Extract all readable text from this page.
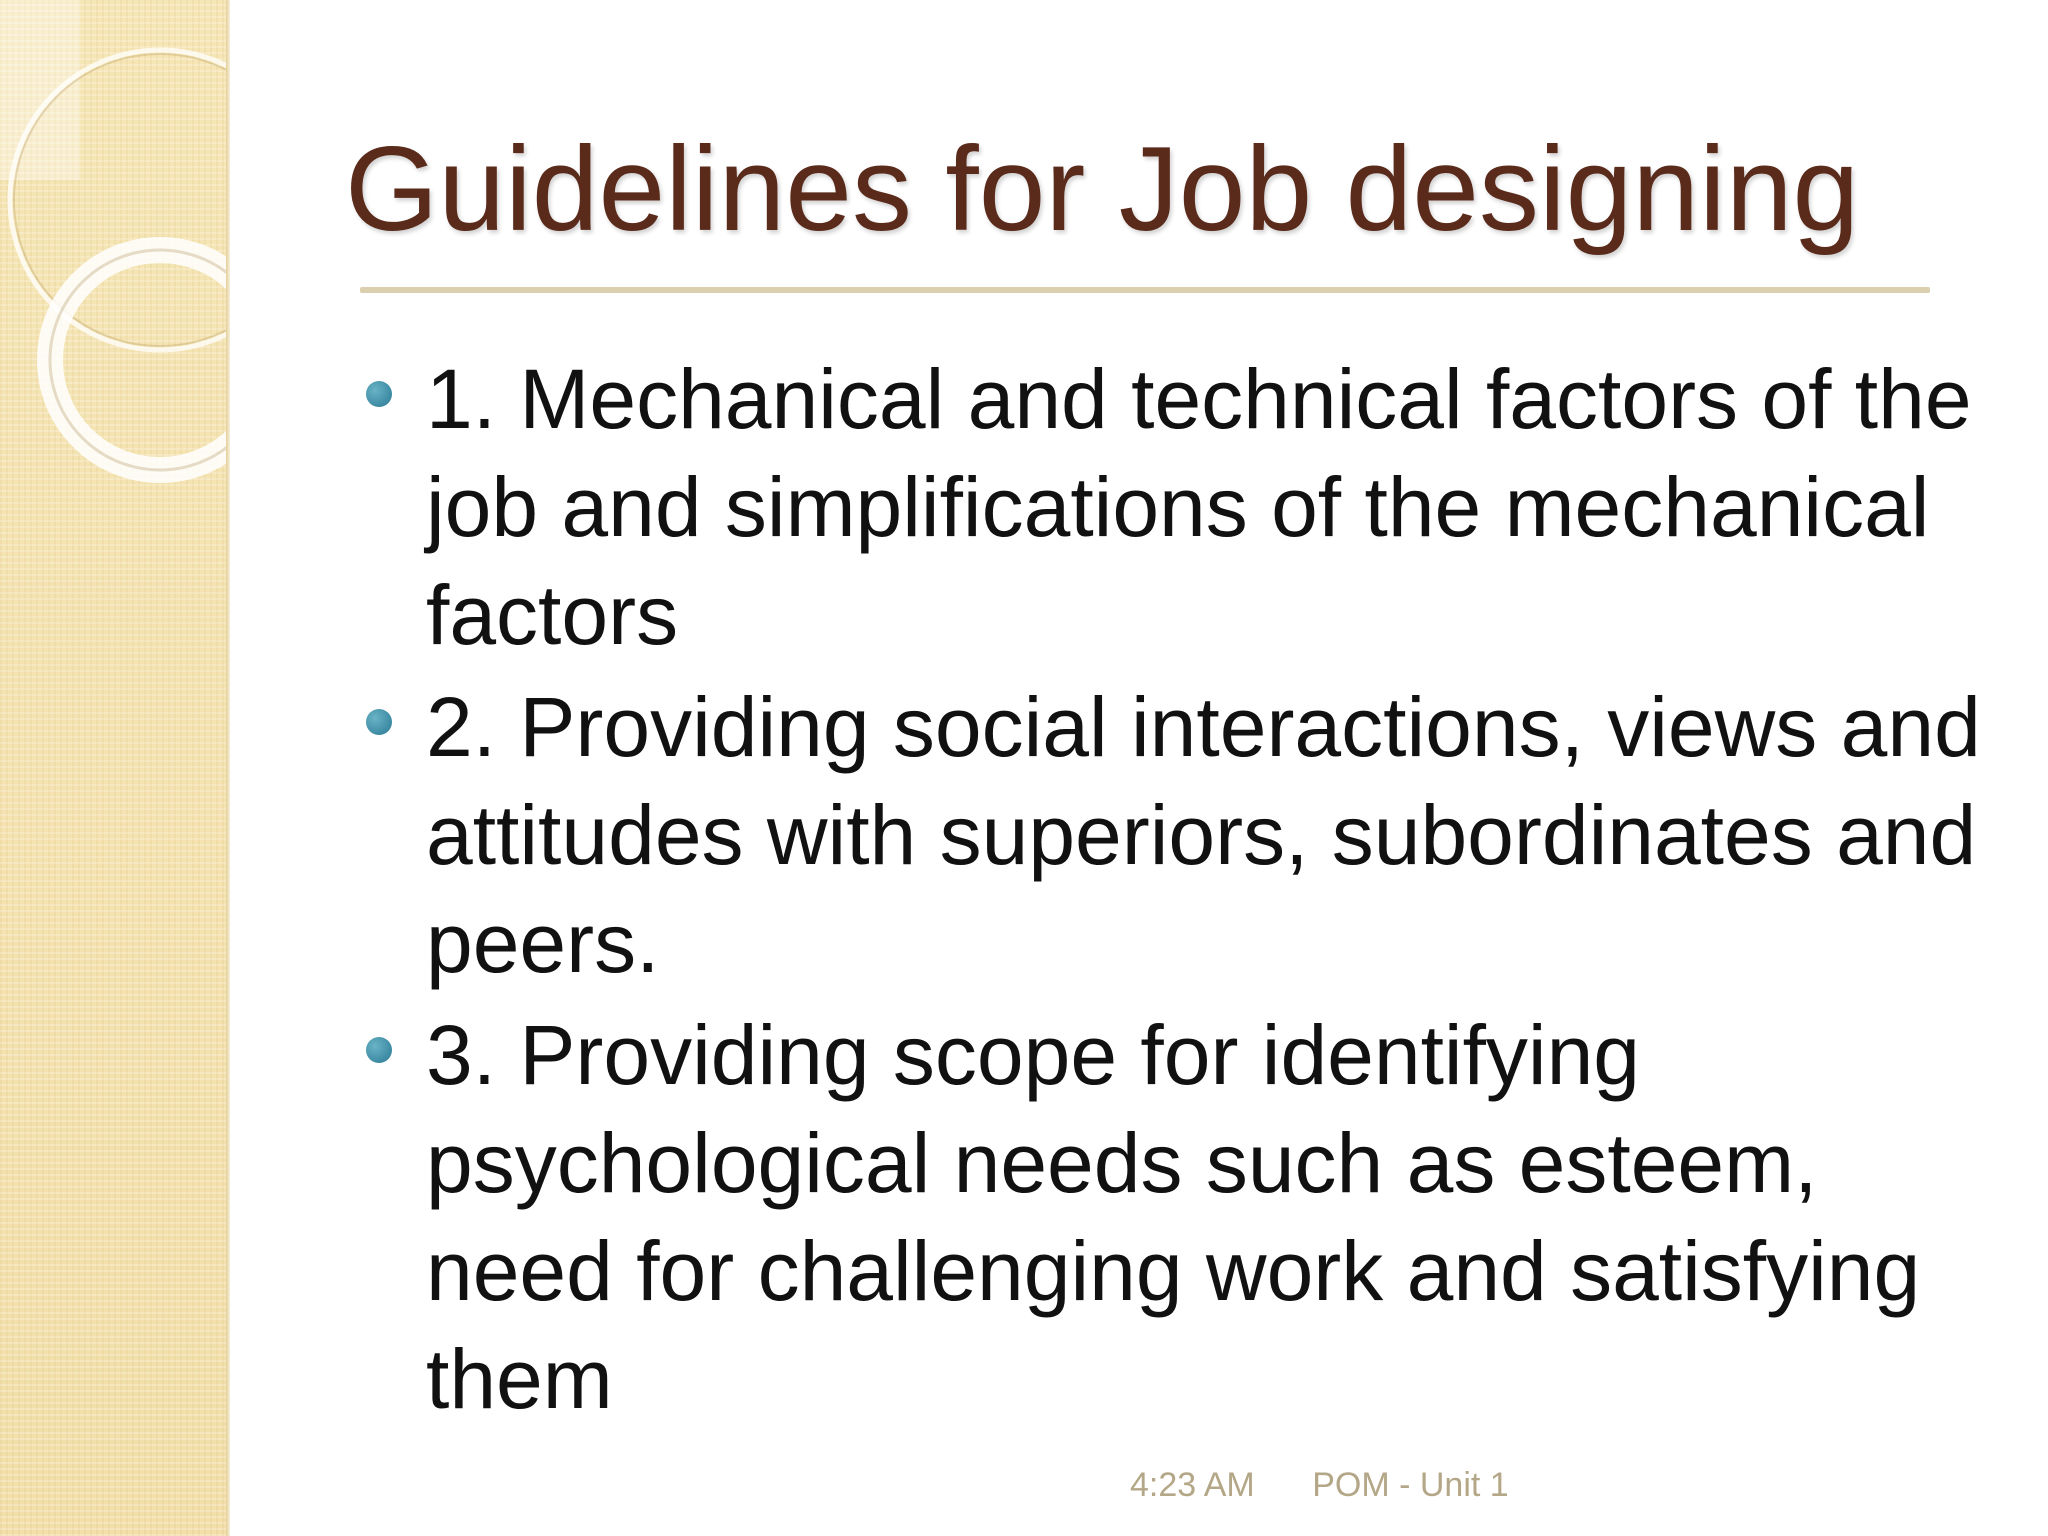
Guidelines for Job designing
1. Mechanical and technical factors of the job and simplifications of the mechanical factors
2. Providing social interactions, views and attitudes with superiors, subordinates and peers.
3. Providing scope for identifying psychological needs such as esteem, need for challenging work and satisfying them
4:23 AM POM - Unit 1
